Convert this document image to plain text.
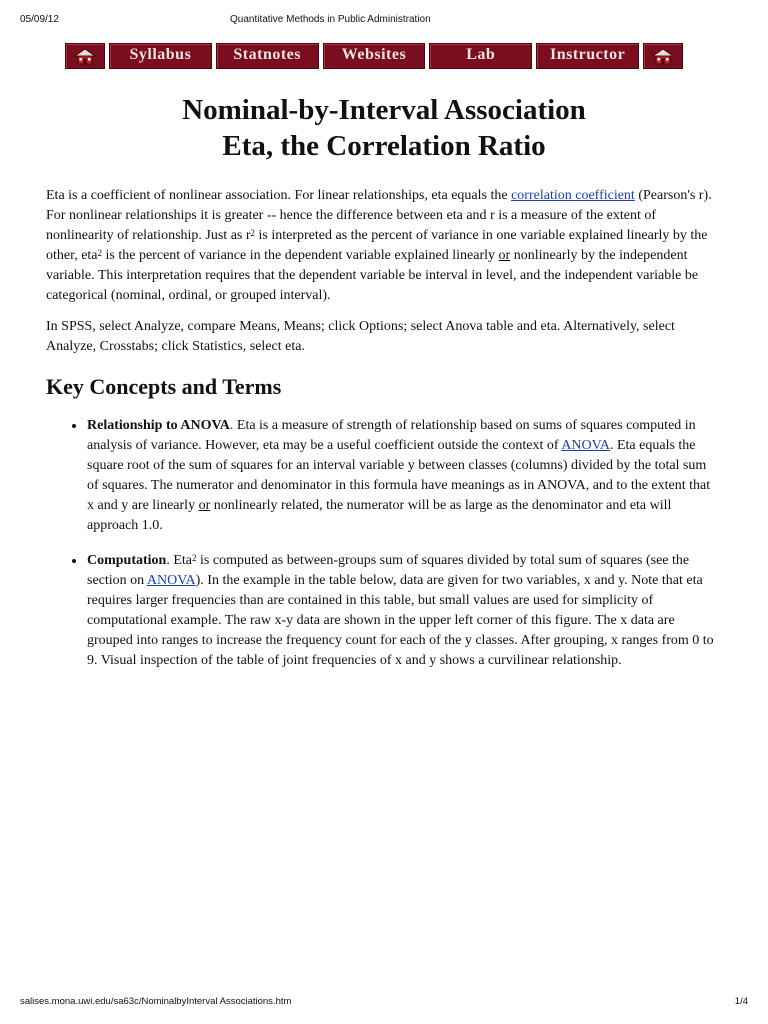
05/09/12	Quantitative Methods in Public Administration
Syllabus	Statnotes	Websites	Lab	Instructor
Nominal-by-Interval Association
Eta, the Correlation Ratio

Eta is a coefficient of nonlinear association. For linear relationships, eta equals the correlation coefficient (Pearson's r). For nonlinear relationships it is greater -- hence the difference between eta and r is a measure of the extent of nonlinearity of relationship. Just as $r^2$ is interpreted as the percent of variance in one variable explained linearly by the other, eta$^2$ is the percent of variance in the dependent variable explained linearly or nonlinearly by the independent variable. This interpretation requires that the dependent variable be interval in level, and the independent variable be categorical (nominal, ordinal, or grouped interval).

In SPSS, select Analyze, compare Means, Means; click Options; select Anova table and eta. Alternatively, select Analyze, Crosstabs; click Statistics, select eta.

Key Concepts and Terms
• Relationship to ANOVA. Eta is a measure of strength of relationship based on sums of squares computed in analysis of variance. However, eta may be a useful coefficient outside the context of ANOVA. Eta equals the square root of the sum of squares for an interval variable y between classes (columns) divided by the total sum of squares. The numerator and denominator in this formula have meanings as in ANOVA, and to the extent that x and y are linearly or nonlinearly related, the numerator will be as large as the denominator and eta will approach 1.0.
• Computation. Eta$^2$ is computed as between-groups sum of squares divided by total sum of squares (see the section on ANOVA). In the example in the table below, data are given for two variables, x and y. Note that eta requires larger frequencies than are contained in this table, but small values are used for simplicity of computational example. The raw x-y data are shown in the upper left corner of this figure. The x data are grouped into ranges to increase the frequency count for each of the y classes. After grouping, x ranges from 0 to 9. Visual inspection of the table of joint frequencies of x and y shows a curvilinear relationship.
salises.mona.uwi.edu/sa63c/NominalbyInterval Associations.htm	1/4
